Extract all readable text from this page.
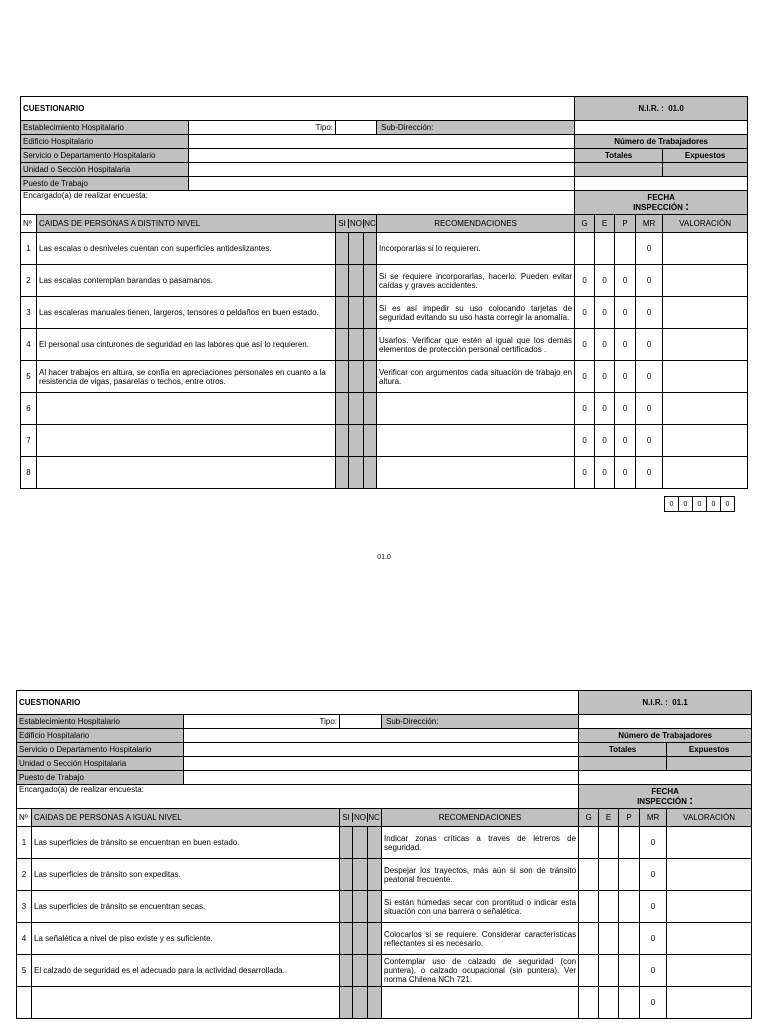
CUESTIONARIO					N.I.R. : 01.0				
Establecimiento Hospitalario		Tipo:		Sub-Dirección:					
Edificio Hospitalario					Número de Trabajadores				
Servicio o Departamento Hospitalario					Totales				Expuestos
Unidad o Sección Hospitalaria									
Puesto de Trabajo									
Encargado(a) de realizar encuesta:					FECHA
INSPECCIÓN :				
Nº	CAIDAS DE PERSONAS A DISTINTO NIVEL		SI NO NC	RECOMENDACIONES	G	E	P	MR	VALORACIÓN
1	Las escalas o desniveles cuentan con superficies antideslizantes.			Incorporarlas si lo requieren.				0	
2	Las escalas contemplan barandas o pasamanos.			Si se requiere incorporarlas, hacerlo. Pueden evitar caídas y graves accidentes.	0	0	0	0	
3	Las escaleras manuales tienen, largeros, tensores o peldaños en buen estado.			Si es así impedir su uso colocando tarjetas de seguridad evitando su uso hasta corregir la anomalía.	0	0	0	0	
4	El personal usa cinturones de seguridad en las labores que así lo requieren.			Usarlos. Verificar que estén al igual que los demás elementos de protección personal certificados .	0	0	0	0	
5	Al hacer trabajos en altura, se confía en apreciaciones personales en cuanto a la resistencia de vigas, pasarelas o techos, entre otros.			Verificar con argumentos cada situación de trabajo en altura.	0	0	0	0	
6					0	0	0	0	
7					0	0	0	0	
8					0	0	0	0	
0	0	0	0	0
01.0
CUESTIONARIO					N.I.R. : 01.1				
Establecimiento Hospitalario		Tipo:		Sub-Dirección:					
Edificio Hospitalario					Número de Trabajadores				
Servicio o Departamento Hospitalario					Totales				Expuestos
Unidad o Sección Hospitalaria									
Puesto de Trabajo									
Encargado(a) de realizar encuesta:					FECHA
INSPECCIÓN :				
Nº	CAIDAS DE PERSONAS A IGUAL NIVEL		SI NO NC	RECOMENDACIONES	G	E	P	MR	VALORACIÓN
1	Las superficies de tránsito se encuentran en buen estado.			Indicar zonas críticas a traves de letreros de seguridad.				0	
2	Las superficies de tránsito son expeditas.			Despejar los trayectos, más aún si son de tránsito peatonal frecuente.				0	
3	Las superficies de tránsito se encuentran secas.			Si están húmedas secar con prontitud o indicar esta situación con una barrera o señalética.				0	
4	La señalética a nivel de piso existe y es suficiente.			Colocarlos si se requiere. Considerar características reflectantes si es necesario.				0	
5	El calzado de seguridad es el adecuado para la actividad desarrollada..			Contemplar uso de calzado de seguridad (con puntera), o calzado ocupacional (sin puntera). Ver norma Chilena NCh 721.				0	

						0	
